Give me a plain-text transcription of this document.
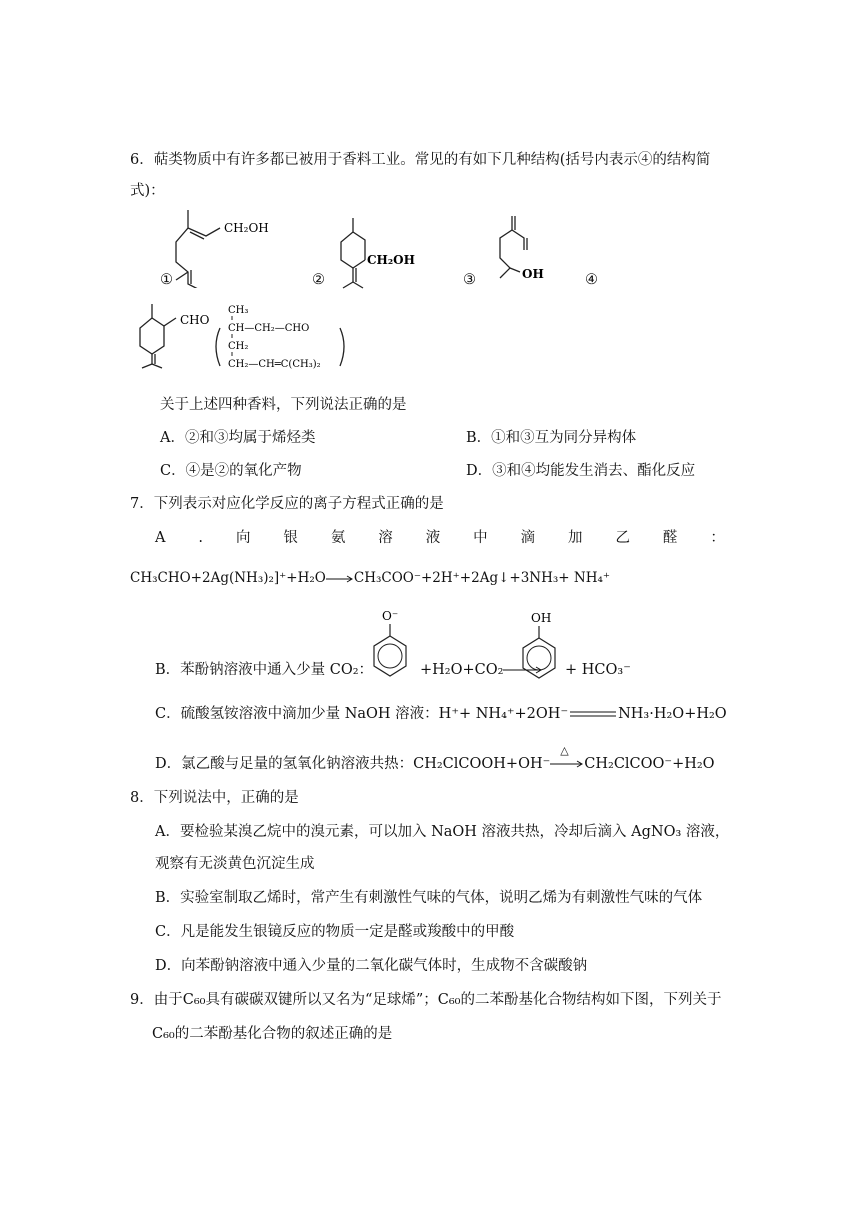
6．萜类物质中有许多都已被用于香料工业。常见的有如下几种结构(括号内表示④的结构简
式)：
CH₂OH
①
CH₂OH
②	OH
③	④
CHO
CH₃
CH—CH₂—CHO
CH₂
CH₂—CH═C(CH₃)₂
关于上述四种香料，下列说法正确的是
A．②和③均属于烯烃类	B．①和③互为同分异构体
C．④是②的氧化产物	D．③和④均能发生消去、酯化反应
7．下列表示对应化学反应的离子方程式正确的是
A . 向 银 氨 溶 液 中 滴 加 乙 醛 ：
CH₃CHO+2Ag(NH₃)₂]⁺+H₂O CH₃COO⁻+2H⁺+2Ag↓+3NH₃+ NH₄⁺
O⁻	OH
B．苯酚钠溶液中通入少量 CO₂：	+H₂O+CO₂	+ HCO₃⁻
C．硫酸氢铵溶液中滴加少量 NaOH 溶液：H⁺+ NH₄⁺+2OH⁻	NH₃·H₂O+H₂O
D．氯乙酸与足量的氢氧化钠溶液共热：CH₂ClCOOH+OH⁻
△
CH₂ClCOO⁻+H₂O
8．下列说法中，正确的是
A．要检验某溴乙烷中的溴元素，可以加入 NaOH 溶液共热，冷却后滴入 AgNO₃ 溶液，
观察有无淡黄色沉淀生成
B．实验室制取乙烯时，常产生有刺激性气味的气体，说明乙烯为有刺激性气味的气体
C．凡是能发生银镜反应的物质一定是醛或羧酸中的甲酸
D．向苯酚钠溶液中通入少量的二氧化碳气体时，生成物不含碳酸钠
9．由于C₆₀具有碳碳双键所以又名为“足球烯”；C₆₀的二苯酚基化合物结构如下图，下列关于
C₆₀的二苯酚基化合物的叙述正确的是
